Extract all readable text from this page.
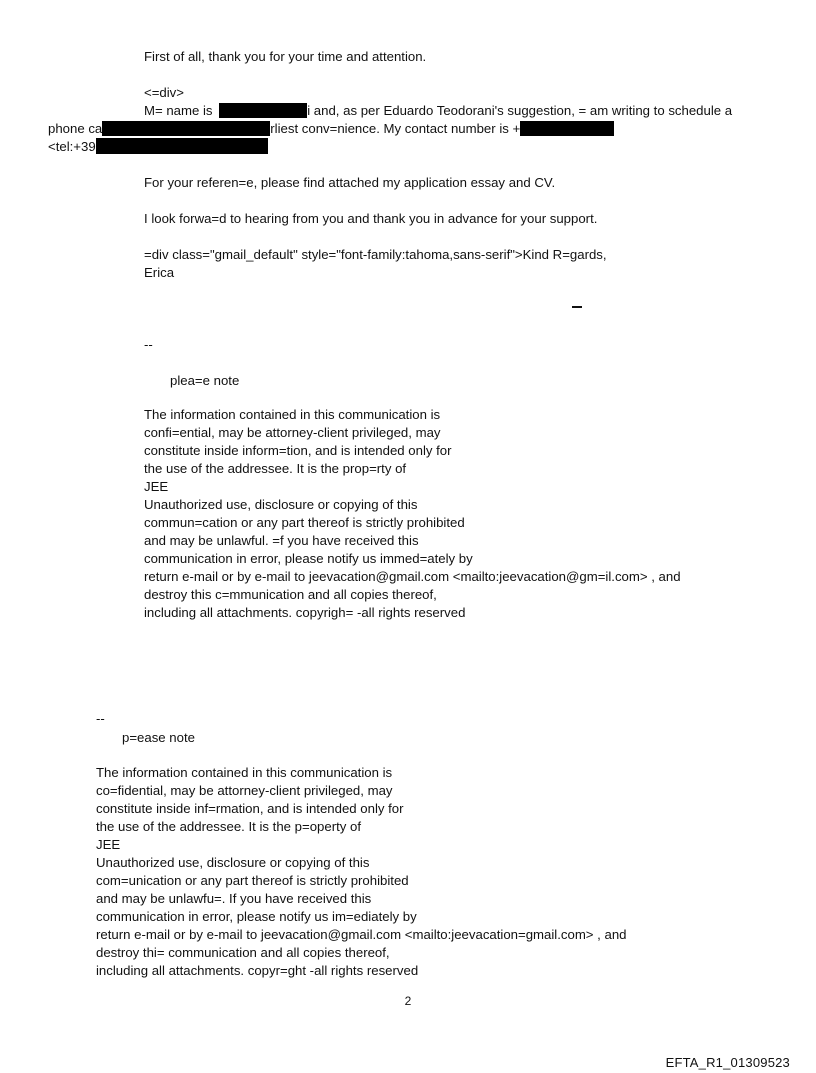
First of all, thank you for your time and attention.
<=div>
M= name is	i and, as per Eduardo Teodorani's suggestion, = am writing to schedule a
phone ca	rliest conv=nience. My contact number is +
<tel:+39
For your referen=e, please find attached my application essay and CV.
I look forwa=d to hearing from you and thank you in advance for your support.
=div class="gmail_default" style="font-family:tahoma,sans-serif">Kind R=gards,
Erica
--
plea=e note
The information contained in this communication is
confi=ential, may be attorney-client privileged, may
constitute inside inform=tion, and is intended only for
the use of the addressee. It is the prop=rty of
JEE
Unauthorized use, disclosure or copying of this
commun=cation or any part thereof is strictly prohibited
and may be unlawful. =f you have received this
communication in error, please notify us immed=ately by
return e-mail or by e-mail to jeevacation@gmail.com <mailto:jeevacation@gm=il.com> , and
destroy this c=mmunication and all copies thereof,
including all attachments. copyrigh= -all rights reserved
--
p=ease note
The information contained in this communication is
co=fidential, may be attorney-client privileged, may
constitute inside inf=rmation, and is intended only for
the use of the addressee. It is the p=operty of
JEE
Unauthorized use, disclosure or copying of this
com=unication or any part thereof is strictly prohibited
and may be unlawfu=. If you have received this
communication in error, please notify us im=ediately by
return e-mail or by e-mail to jeevacation@gmail.com <mailto:jeevacation=gmail.com> , and
destroy thi= communication and all copies thereof,
including all attachments. copyr=ght -all rights reserved
2
EFTA_R1_01309523
